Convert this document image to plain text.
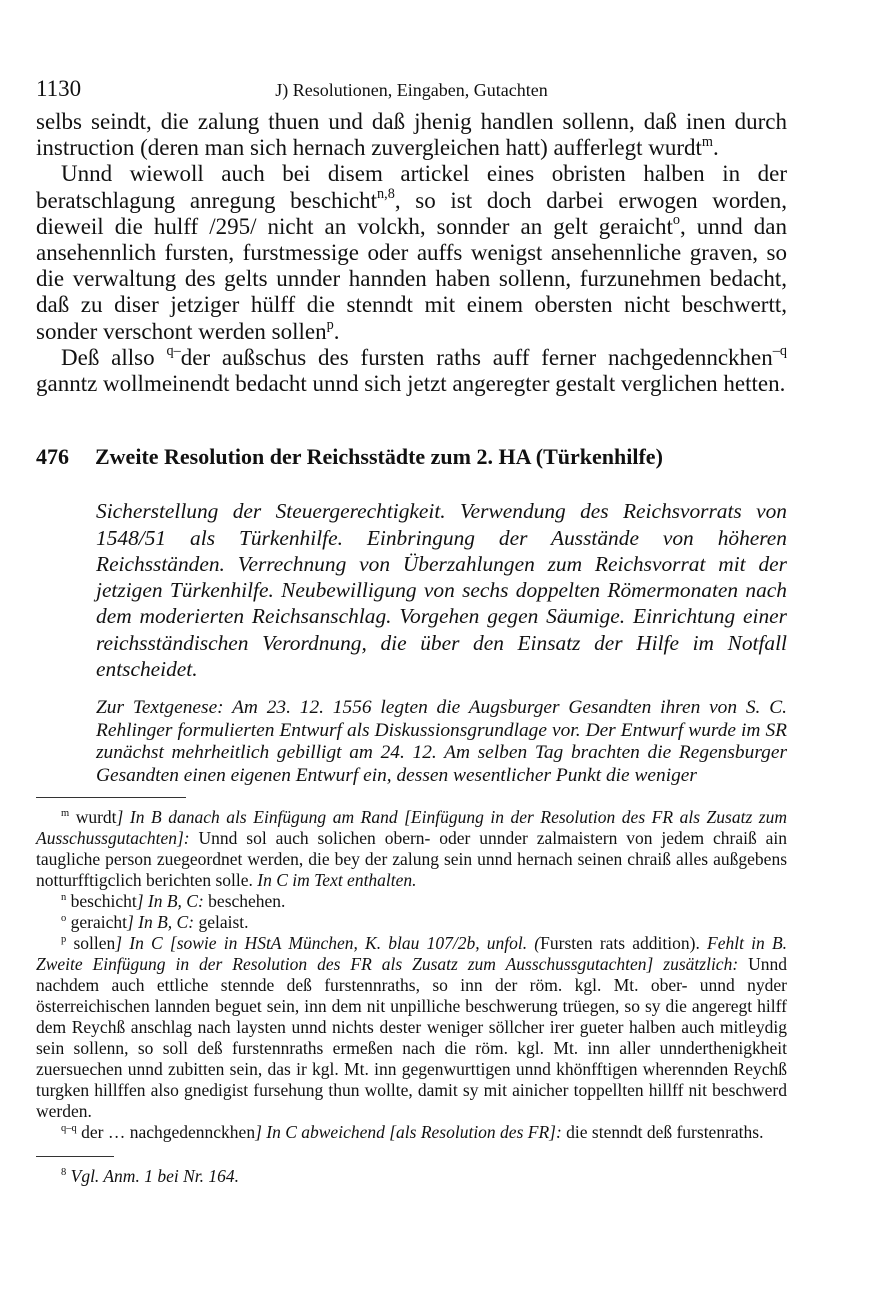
1130	J) Resolutionen, Eingaben, Gutachten

selbs seindt, die zalung thuen und daß jhenig handlen sollenn, daß inen durch instruction (deren man sich hernach zuvergleichen hatt) aufferlegt wurdt$^m$.

Unnd wiewoll auch bei disem artickel eines obristen halben in der beratschlagung anregung beschicht$^{n,8}$, so ist doch darbei erwogen worden, dieweil die hulff /295/ nicht an volckh, sonnder an gelt geraicht$^o$, unnd dan ansehennlich fursten, furstmessige oder auffs wenigst ansehennliche graven, so die verwaltung des gelts unnder hannden haben sollenn, furzunehmen bedacht, daß zu diser jetziger hülff die stenndt mit einem obersten nicht beschwertt, sonder verschont werden sollen$^p$.

Deß allso $^{q-}$der außschus des fursten raths auff ferner nachgedennckhen$^{-q}$ ganntz wollmeinendt bedacht unnd sich jetzt angeregter gestalt verglichen hetten.

476 Zweite Resolution der Reichsstädte zum 2. HA (Türkenhilfe)
Sicherstellung der Steuergerechtigkeit. Verwendung des Reichsvorrats von 1548/51 als Türkenhilfe. Einbringung der Ausstände von höheren Reichsständen. Verrechnung von Überzahlungen zum Reichsvorrat mit der jetzigen Türkenhilfe. Neubewilligung von sechs doppelten Römermonaten nach dem moderierten Reichsanschlag. Vorgehen gegen Säumige. Einrichtung einer reichsständischen Verordnung, die über den Einsatz der Hilfe im Notfall entscheidet.
Zur Textgenese: Am 23. 12. 1556 legten die Augsburger Gesandten ihren von S. C. Rehlinger formulierten Entwurf als Diskussionsgrundlage vor. Der Entwurf wurde im SR zunächst mehrheitlich gebilligt am 24. 12. Am selben Tag brachten die Regensburger Gesandten einen eigenen Entwurf ein, dessen wesentlicher Punkt die weniger

$^m$ wurdt] In B danach als Einfügung am Rand [Einfügung in der Resolution des FR als Zusatz zum Ausschussgutachten]: Unnd sol auch solichen obern- oder unnder zalmaistern von jedem chraiß ain taugliche person zuegeordnet werden, die bey der zalung sein unnd hernach seinen chraiß alles außgebens notturfftigclich berichten solle. In C im Text enthalten.

$^n$ beschicht] In B, C: beschehen.

$^o$ geraicht] In B, C: gelaist.

$^p$ sollen] In C [sowie in HStA München, K. blau 107/2b, unfol. (Fursten rats addition). Fehlt in B. Zweite Einfügung in der Resolution des FR als Zusatz zum Ausschussgutachten] zusätzlich: Unnd nachdem auch ettliche stennde deß furstennraths, so inn der röm. kgl. Mt. ober- unnd nyder österreichischen lannden beguet sein, inn dem nit unpilliche beschwerung trüegen, so sy die angeregt hilff dem Reychß anschlag nach laysten unnd nichts dester weniger söllcher irer gueter halben auch mitleydig sein sollenn, so soll deß furstennraths ermeßen nach die röm. kgl. Mt. inn aller unnderthenigkheit zuersuechen unnd zubitten sein, das ir kgl. Mt. inn gegenwurttigen unnd khönfftigen wherennden Reychß turgken hillffen also gnedigist fursehung thun wollte, damit sy mit ainicher toppellten hillff nit beschwerd werden.

$^{q-q}$ der … nachgedennckhen] In C abweichend [als Resolution des FR]: die stenndt deß furstenraths.

$^8$ Vgl. Anm. 1 bei Nr. 164.
